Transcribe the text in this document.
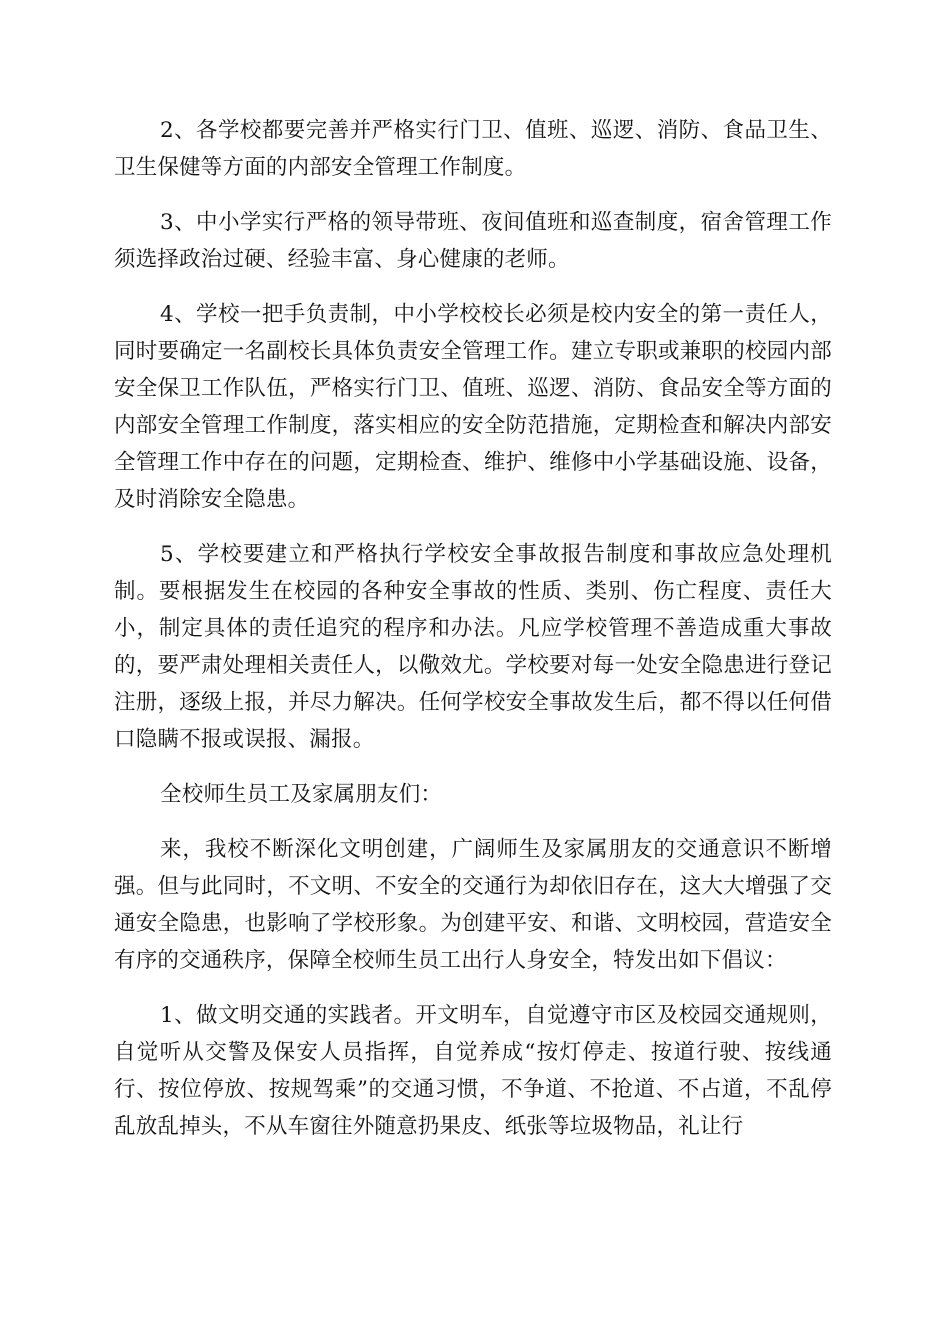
2、各学校都要完善并严格实行门卫、值班、巡逻、消防、食品卫生、卫生保健等方面的内部安全管理工作制度。

3、中小学实行严格的领导带班、夜间值班和巡查制度，宿舍管理工作须选择政治过硬、经验丰富、身心健康的老师。

4、学校一把手负责制，中小学校校长必须是校内安全的第一责任人，同时要确定一名副校长具体负责安全管理工作。建立专职或兼职的校园内部安全保卫工作队伍，严格实行门卫、值班、巡逻、消防、食品安全等方面的内部安全管理工作制度，落实相应的安全防范措施，定期检查和解决内部安全管理工作中存在的问题，定期检查、维护、维修中小学基础设施、设备，及时消除安全隐患。

5、学校要建立和严格执行学校安全事故报告制度和事故应急处理机制。要根据发生在校园的各种安全事故的性质、类别、伤亡程度、责任大小，制定具体的责任追究的程序和办法。凡应学校管理不善造成重大事故的，要严肃处理相关责任人，以儆效尤。学校要对每一处安全隐患进行登记注册，逐级上报，并尽力解决。任何学校安全事故发生后，都不得以任何借口隐瞒不报或误报、漏报。

全校师生员工及家属朋友们：

来，我校不断深化文明创建，广阔师生及家属朋友的交通意识不断增强。但与此同时，不文明、不安全的交通行为却依旧存在，这大大增强了交通安全隐患，也影响了学校形象。为创建平安、和谐、文明校园，营造安全有序的交通秩序，保障全校师生员工出行人身安全，特发出如下倡议：

1、做文明交通的实践者。开文明车，自觉遵守市区及校园交通规则，自觉听从交警及保安人员指挥，自觉养成“按灯停走、按道行驶、按线通行、按位停放、按规驾乘”的交通习惯，不争道、不抢道、不占道，不乱停乱放乱掉头，不从车窗往外随意扔果皮、纸张等垃圾物品，礼让行
